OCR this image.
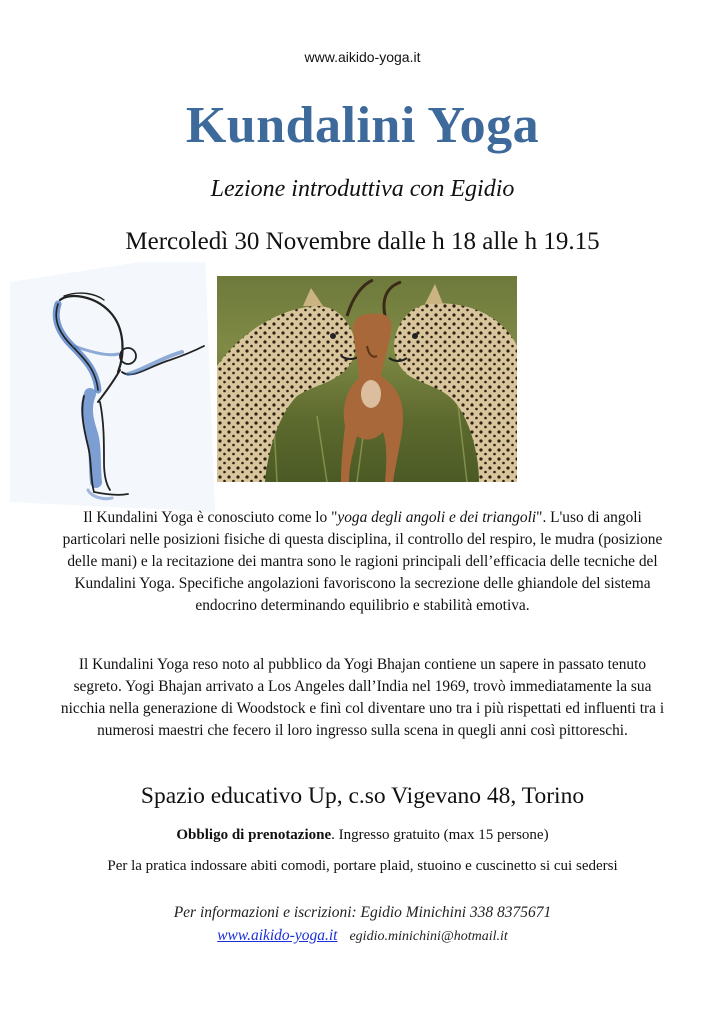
www.aikido-yoga.it
Kundalini Yoga
Lezione introduttiva con Egidio
Mercoledì 30 Novembre dalle h 18 alle h 19.15
Il Kundalini Yoga è conosciuto come lo "yoga degli angoli e dei triangoli". L'uso di angoli particolari nelle posizioni fisiche di questa disciplina, il controllo del respiro, le mudra (posizione delle mani) e la recitazione dei mantra sono le ragioni principali dell’efficacia delle tecniche del Kundalini Yoga. Specifiche angolazioni favoriscono la secrezione delle ghiandole del sistema endocrino determinando equilibrio e stabilità emotiva.
Il Kundalini Yoga reso noto al pubblico da Yogi Bhajan contiene un sapere in passato tenuto segreto. Yogi Bhajan arrivato a Los Angeles dall’India nel 1969, trovò immediatamente la sua nicchia nella generazione di Woodstock e finì col diventare uno tra i più rispettati ed influenti tra i numerosi maestri che fecero il loro ingresso sulla scena in quegli anni così pittoreschi.
Spazio educativo Up, c.so Vigevano 48, Torino
Obbligo di prenotazione. Ingresso gratuito (max 15 persone)
Per la pratica indossare abiti comodi, portare plaid, stuoino e cuscinetto si cui sedersi
Per informazioni e iscrizioni: Egidio Minichini 338 8375671
www.aikido-yoga.it egidio.minichini@hotmail.it
